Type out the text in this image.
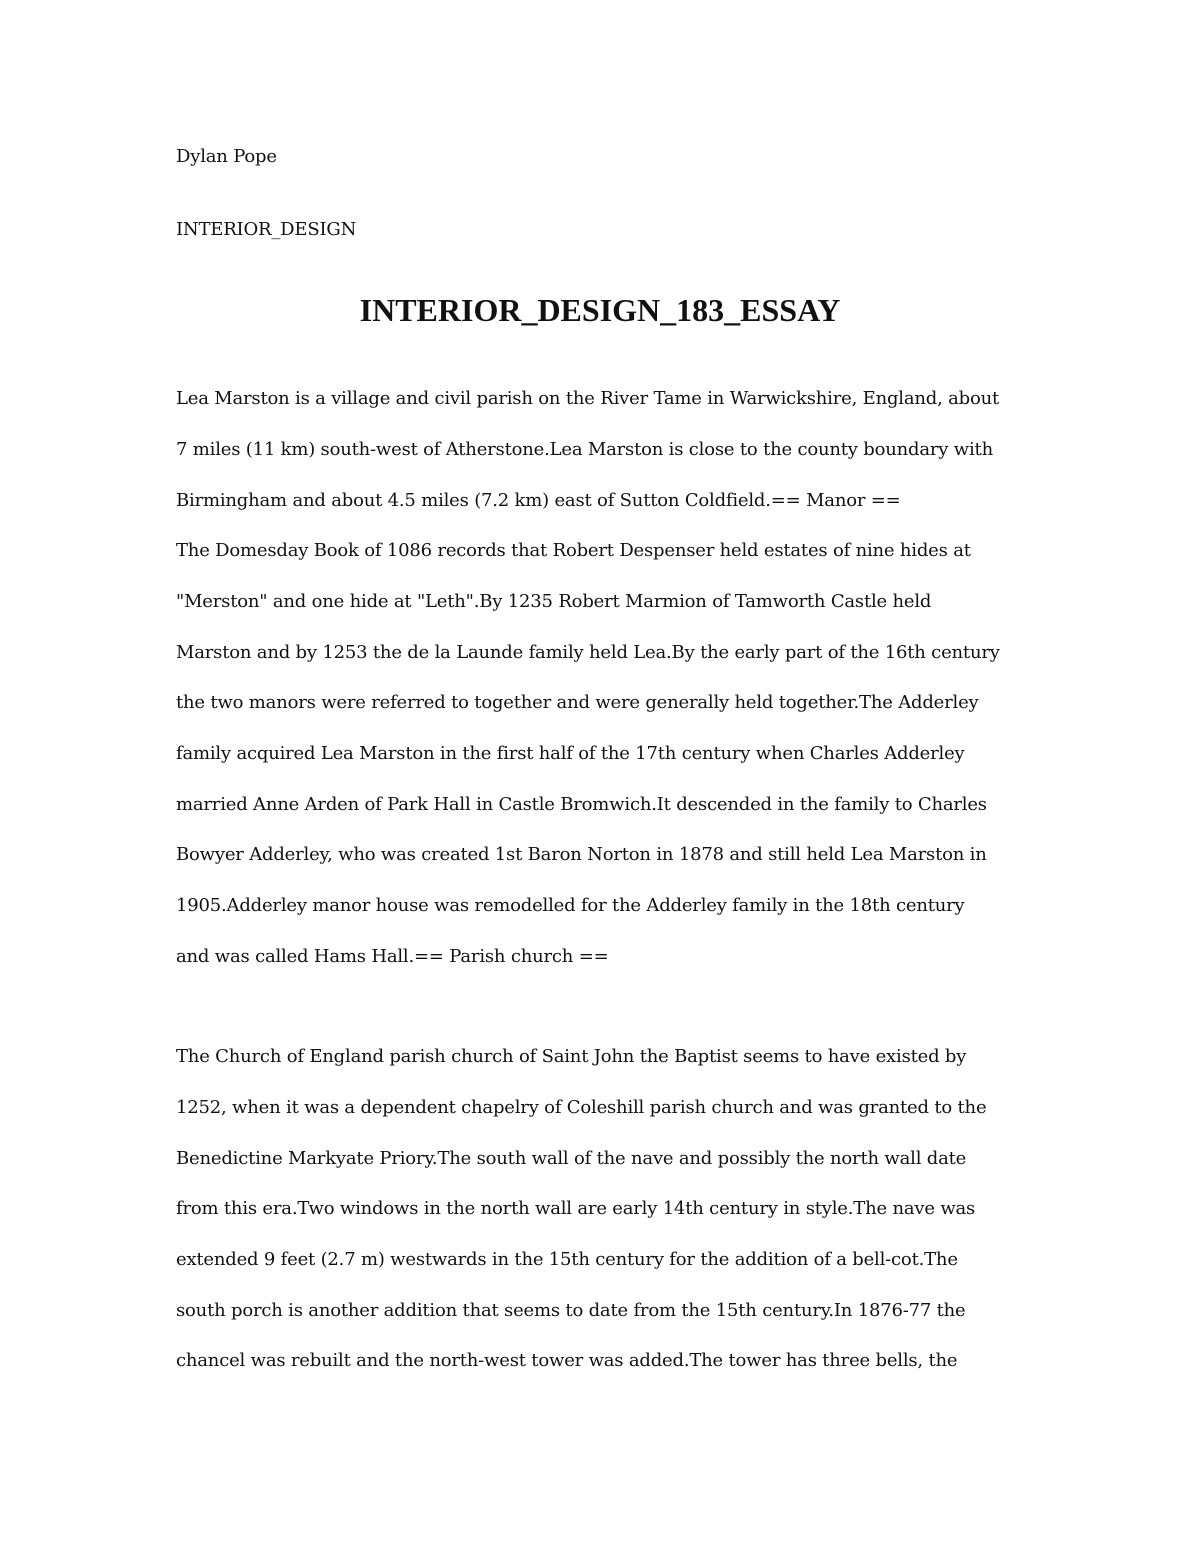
Dylan Pope

INTERIOR_DESIGN

INTERIOR_DESIGN_183_ESSAY

Lea Marston is a village and civil parish on the River Tame in Warwickshire, England, about

7 miles (11 km) south-west of Atherstone.Lea Marston is close to the county boundary with

Birmingham and about 4.5 miles (7.2 km) east of Sutton Coldfield.== Manor ==

The Domesday Book of 1086 records that Robert Despenser held estates of nine hides at

"Merston" and one hide at "Leth".By 1235 Robert Marmion of Tamworth Castle held

Marston and by 1253 the de la Launde family held Lea.By the early part of the 16th century

the two manors were referred to together and were generally held together.The Adderley

family acquired Lea Marston in the first half of the 17th century when Charles Adderley

married Anne Arden of Park Hall in Castle Bromwich.It descended in the family to Charles

Bowyer Adderley, who was created 1st Baron Norton in 1878 and still held Lea Marston in

1905.Adderley manor house was remodelled for the Adderley family in the 18th century

and was called Hams Hall.== Parish church ==

The Church of England parish church of Saint John the Baptist seems to have existed by

1252, when it was a dependent chapelry of Coleshill parish church and was granted to the

Benedictine Markyate Priory.The south wall of the nave and possibly the north wall date

from this era.Two windows in the north wall are early 14th century in style.The nave was

extended 9 feet (2.7 m) westwards in the 15th century for the addition of a bell-cot.The

south porch is another addition that seems to date from the 15th century.In 1876-77 the

chancel was rebuilt and the north-west tower was added.The tower has three bells, the
